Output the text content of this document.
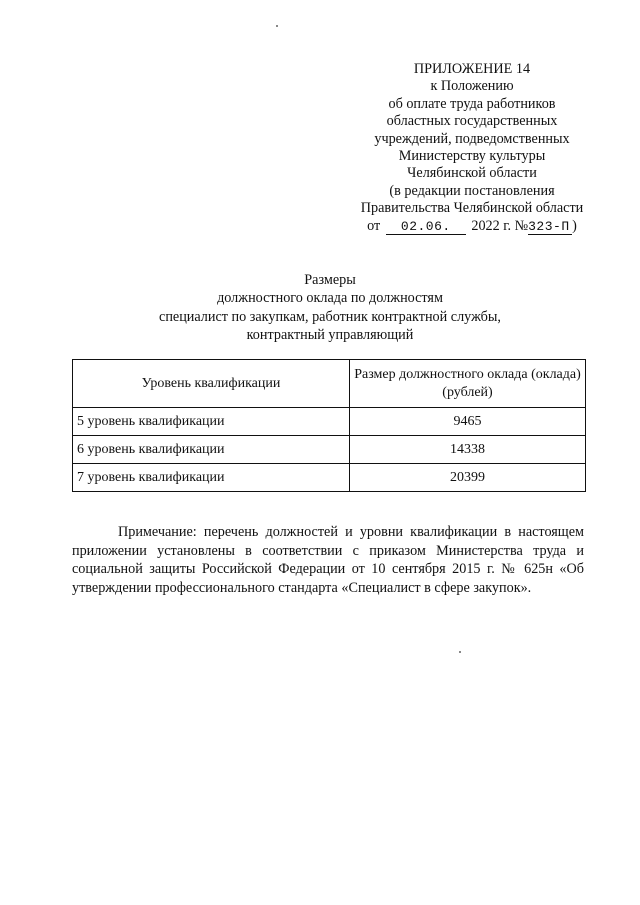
ПРИЛОЖЕНИЕ 14
к Положению
об оплате труда работников
областных государственных
учреждений, подведомственных
Министерству культуры
Челябинской области
(в редакции постановления
Правительства Челябинской области
от 02.06. 2022 г. №323-П )
Размеры
должностного оклада по должностям
специалист по закупкам, работник контрактной службы,
контрактный управляющий
Уровень квалификации	Размер должностного оклада (оклада) (рублей)
5 уровень квалификации	9465
6 уровень квалификации	14338
7 уровень квалификации	20399

Примечание: перечень должностей и уровни квалификации в настоящем приложении установлены в соответствии с приказом Министерства труда и социальной защиты Российской Федерации от 10 сентября 2015 г. № 625н «Об утверждении профессионального стандарта «Специалист в сфере закупок».
